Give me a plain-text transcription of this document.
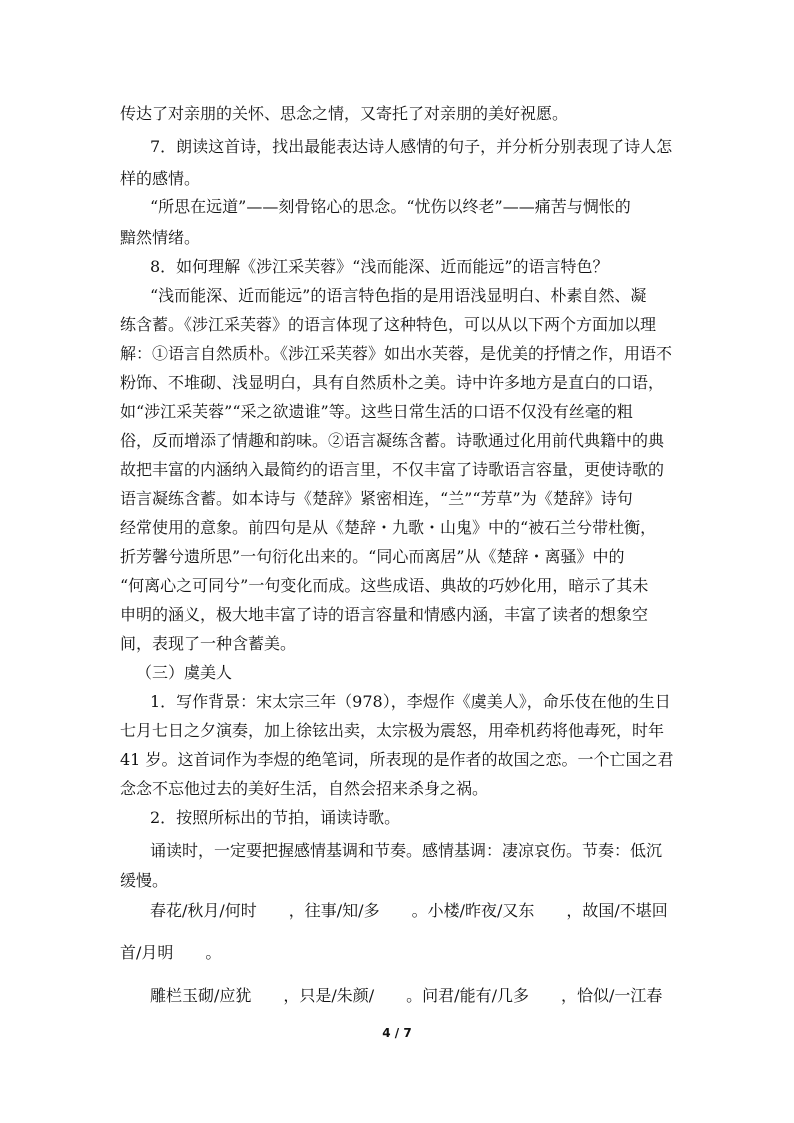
传达了对亲朋的关怀、思念之情，又寄托了对亲朋的美好祝愿。
7．朗读这首诗，找出最能表达诗人感情的句子，并分析分别表现了诗人怎
样的感情。
“所思在远道”——刻骨铭心的思念。“忧伤以终老”——痛苦与惆怅的
黯然情绪。
8．如何理解《涉江采芙蓉》“浅而能深、近而能远”的语言特色？
“浅而能深、近而能远”的语言特色指的是用语浅显明白、朴素自然、凝
练含蓄。《涉江采芙蓉》的语言体现了这种特色，可以从以下两个方面加以理
解：①语言自然质朴。《涉江采芙蓉》如出水芙蓉，是优美的抒情之作，用语不
粉饰、不堆砌、浅显明白，具有自然质朴之美。诗中许多地方是直白的口语，
如“涉江采芙蓉”“采之欲遗谁”等。这些日常生活的口语不仅没有丝毫的粗
俗，反而增添了情趣和韵味。②语言凝练含蓄。诗歌通过化用前代典籍中的典
故把丰富的内涵纳入最简约的语言里，不仅丰富了诗歌语言容量，更使诗歌的
语言凝练含蓄。如本诗与《楚辞》紧密相连，“兰”“芳草”为《楚辞》诗句
经常使用的意象。前四句是从《楚辞・九歌・山鬼》中的“被石兰兮带杜衡，
折芳馨兮遗所思”一句衍化出来的。“同心而离居”从《楚辞・离骚》中的
“何离心之可同兮”一句变化而成。这些成语、典故的巧妙化用，暗示了其未
申明的涵义，极大地丰富了诗的语言容量和情感内涵，丰富了读者的想象空
间，表现了一种含蓄美。
（三）虞美人
1．写作背景：宋太宗三年（978），李煜作《虞美人》，命乐伎在他的生日
七月七日之夕演奏，加上徐铉出卖，太宗极为震怒，用牵机药将他毒死，时年
41 岁。这首词作为李煜的绝笔词，所表现的是作者的故国之恋。一个亡国之君
念念不忘他过去的美好生活，自然会招来杀身之祸。
2．按照所标出的节拍，诵读诗歌。
诵读时，一定要把握感情基调和节奏。感情基调：凄凉哀伤。节奏：低沉
缓慢。
春花/秋月/何时　　，往事/知/多　　。小楼/昨夜/又东　　，故国/不堪回
首/月明　　。
雕栏玉砌/应犹　　，只是/朱颜/　　。问君/能有/几多　　，恰似/一江春
4 / 7
